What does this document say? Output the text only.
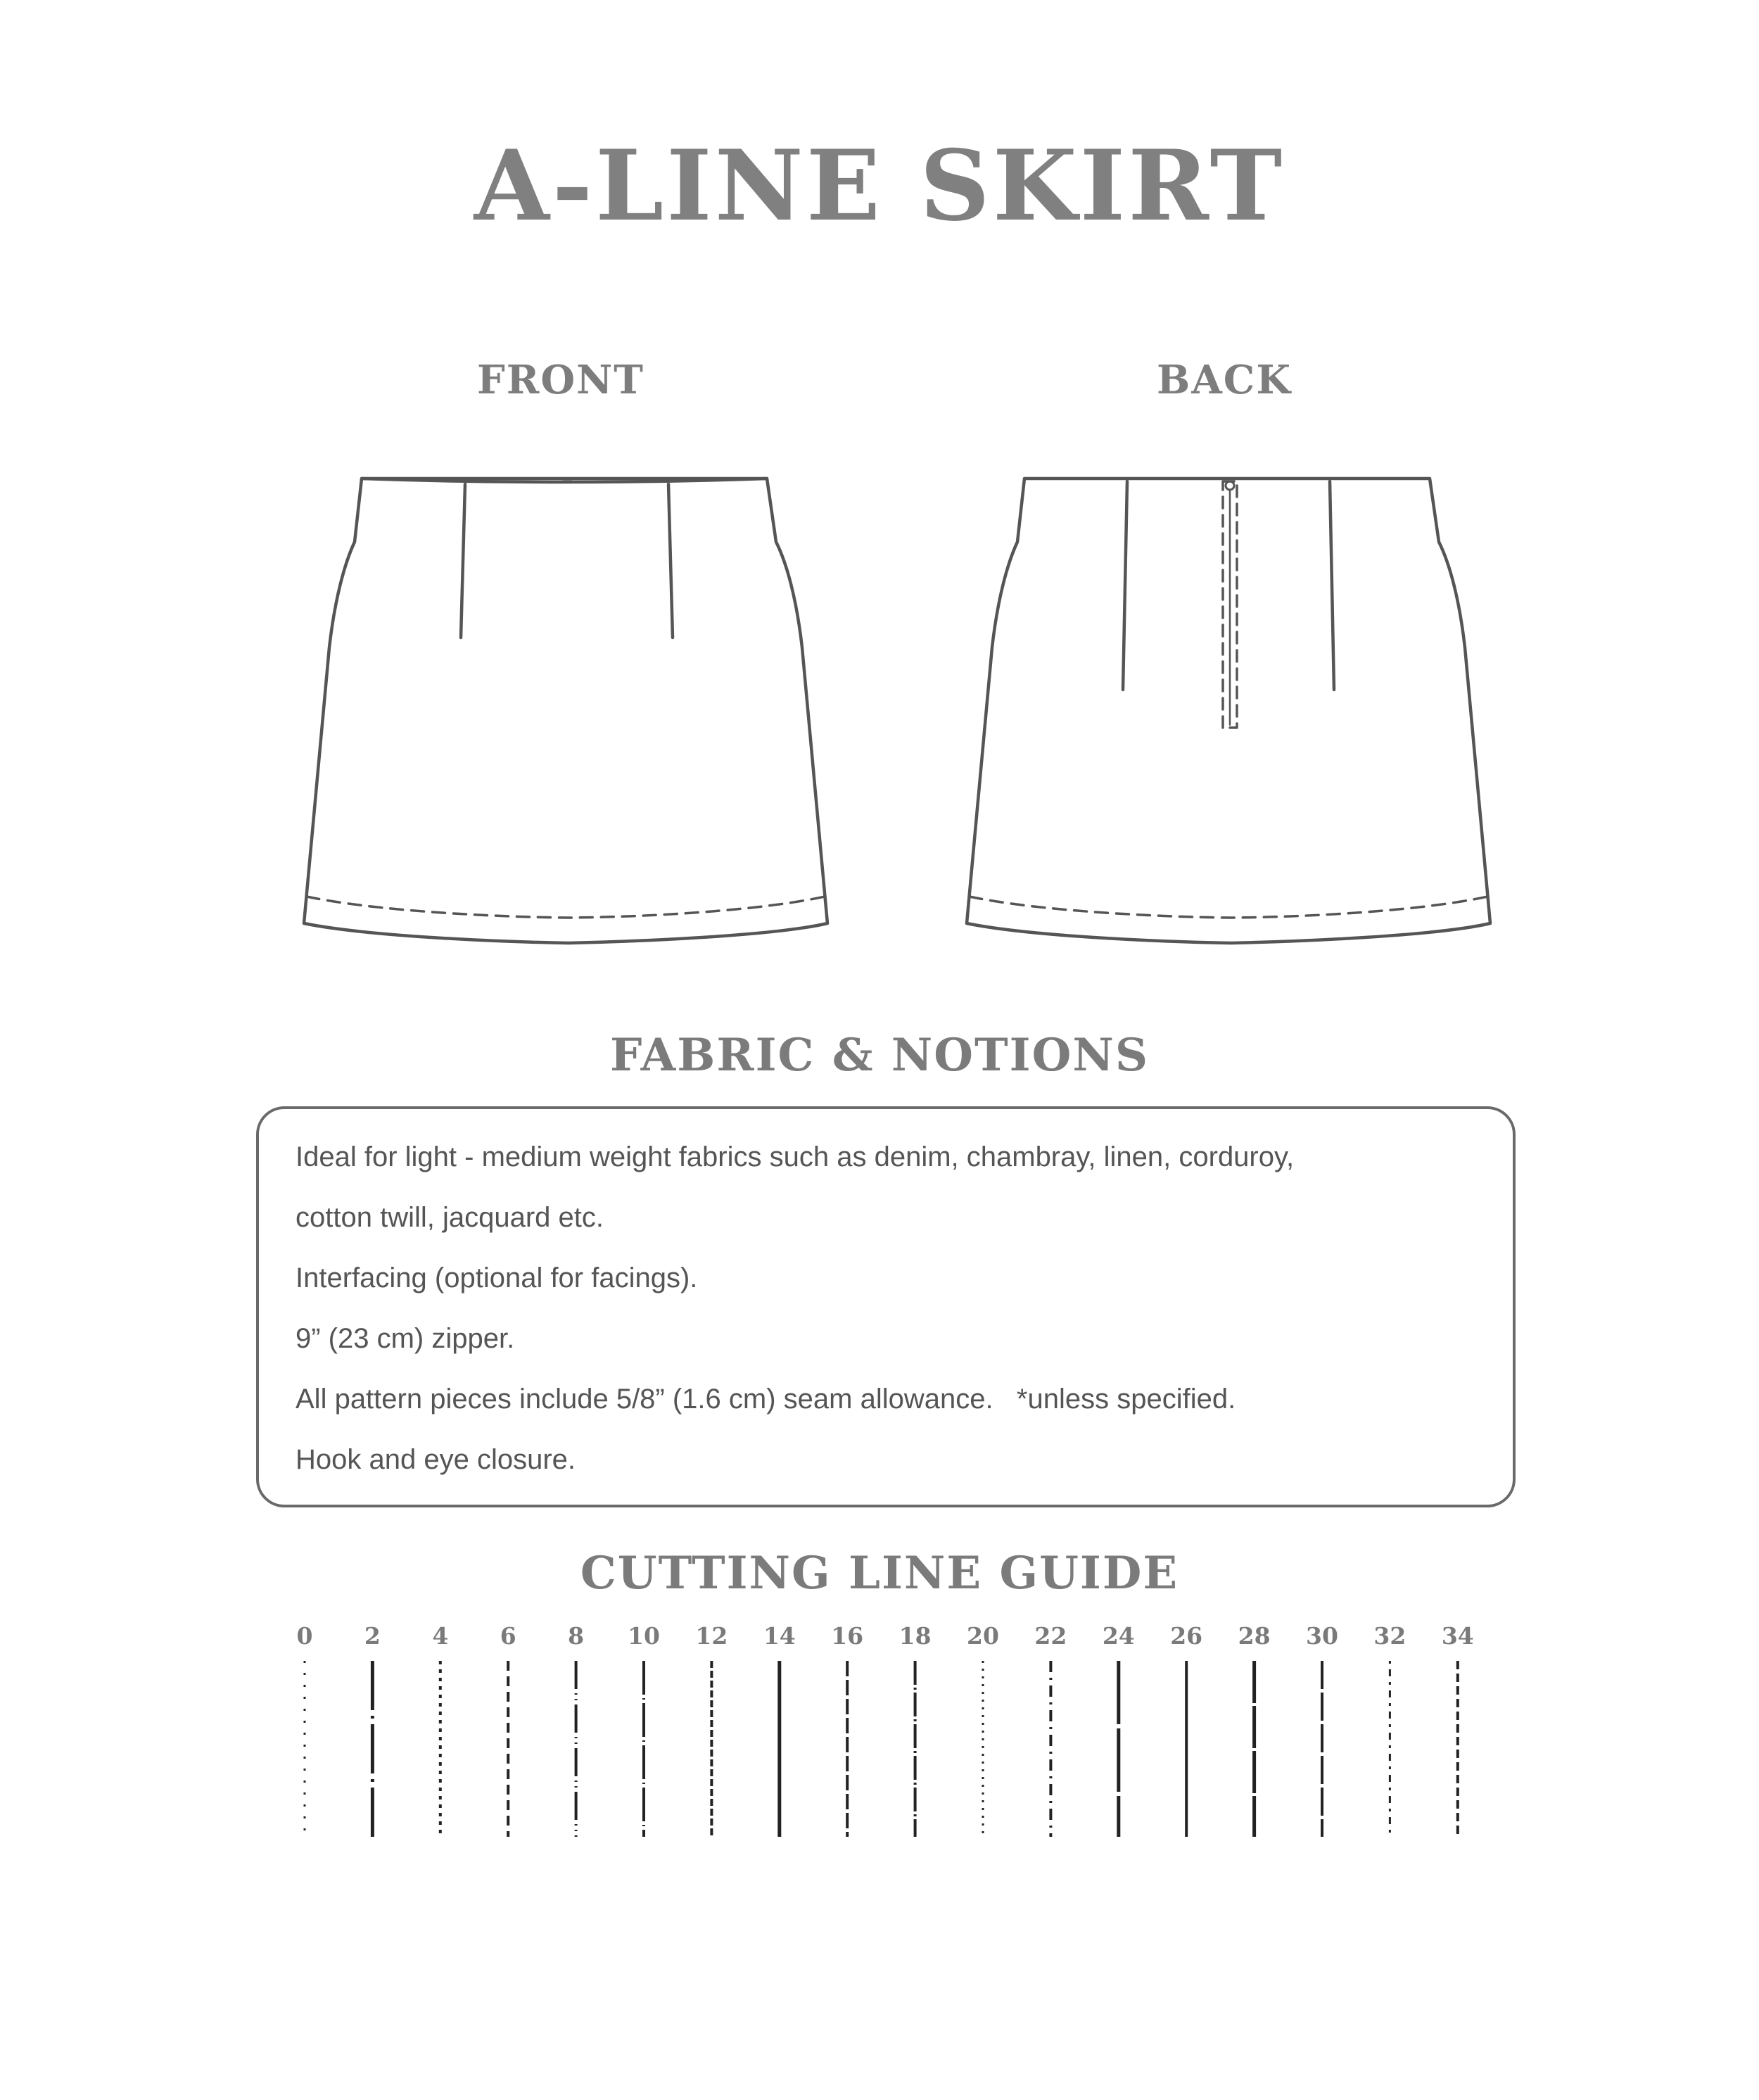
A-LINE SKIRT
FRONT	BACK
FABRIC & NOTIONS
Ideal for light - medium weight fabrics such as denim, chambray, linen, corduroy,
cotton twill, jacquard etc.
Interfacing (optional for facings).
9” (23 cm) zipper.
All pattern pieces include 5/8” (1.6 cm) seam allowance.   *unless specified.
Hook and eye closure.
CUTTING LINE GUIDE
0 2 4 6 8 10 12 14 16 18 20 22 24 26 28 30 32 34
